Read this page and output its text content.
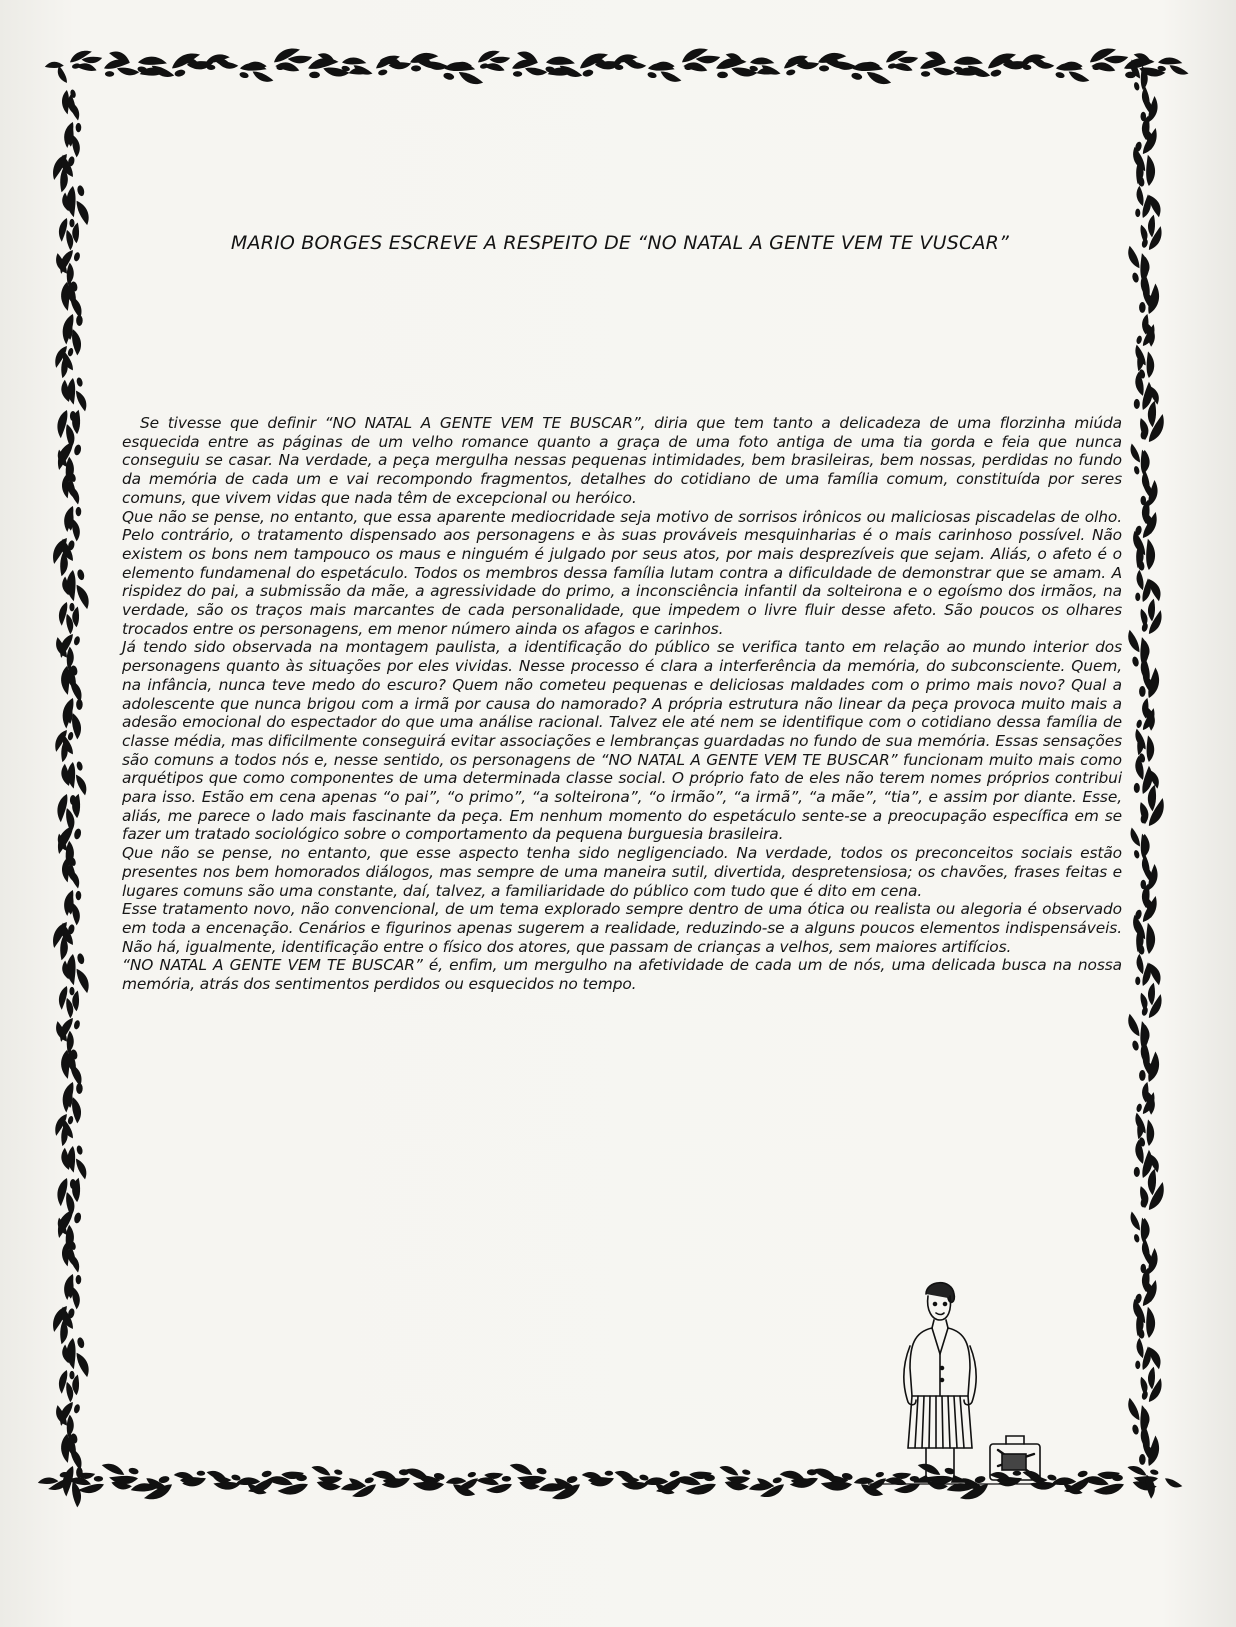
MARIO BORGES ESCREVE A RESPEITO DE “NO NATAL A GENTE VEM TE VUSCAR”

Se tivesse que definir “NO NATAL A GENTE VEM TE BUSCAR”, diria que tem tanto a delicadeza de uma florzinha miúda esquecida entre as páginas de um velho romance quanto a graça de uma foto antiga de uma tia gorda e feia que nunca conseguiu se casar. Na verdade, a peça mergulha nessas pequenas intimidades, bem brasileiras, bem nossas, perdidas no fundo da memória de cada um e vai recompondo fragmentos, detalhes do cotidiano de uma família comum, constituída por seres comuns, que vivem vidas que nada têm de excepcional ou heróico.

Que não se pense, no entanto, que essa aparente mediocridade seja motivo de sorrisos irônicos ou maliciosas piscadelas de olho. Pelo contrário, o tratamento dispensado aos personagens e às suas prováveis mesquinharias é o mais carinhoso possível. Não existem os bons nem tampouco os maus e ninguém é julgado por seus atos, por mais desprezíveis que sejam. Aliás, o afeto é o elemento fundamenal do espetáculo. Todos os membros dessa família lutam contra a dificuldade de demonstrar que se amam. A rispidez do pai, a submissão da mãe, a agressividade do primo, a inconsciência infantil da solteirona e o egoísmo dos irmãos, na verdade, são os traços mais marcantes de cada personalidade, que impedem o livre fluir desse afeto. São poucos os olhares trocados entre os personagens, em menor número ainda os afagos e carinhos.

Já tendo sido observada na montagem paulista, a identificação do público se verifica tanto em relação ao mundo interior dos personagens quanto às situações por eles vividas. Nesse processo é clara a interferência da memória, do subconsciente. Quem, na infância, nunca teve medo do escuro? Quem não cometeu pequenas e deliciosas maldades com o primo mais novo? Qual a adolescente que nunca brigou com a irmã por causa do namorado? A própria estrutura não linear da peça provoca muito mais a adesão emocional do espectador do que uma análise racional. Talvez ele até nem se identifique com o cotidiano dessa família de classe média, mas dificilmente conseguirá evitar associações e lembranças guardadas no fundo de sua memória. Essas sensações são comuns a todos nós e, nesse sentido, os personagens de “NO NATAL A GENTE VEM TE BUSCAR” funcionam muito mais como arquétipos que como componentes de uma determinada classe social. O próprio fato de eles não terem nomes próprios contribui para isso. Estão em cena apenas “o pai”, “o primo”, “a solteirona”, “o irmão”, “a irmã”, “a mãe”, “tia”, e assim por diante. Esse, aliás, me parece o lado mais fascinante da peça. Em nenhum momento do espetáculo sente-se a preocupação específica em se fazer um tratado sociológico sobre o comportamento da pequena burguesia brasileira.

Que não se pense, no entanto, que esse aspecto tenha sido negligenciado. Na verdade, todos os preconceitos sociais estão presentes nos bem homorados diálogos, mas sempre de uma maneira sutil, divertida, despretensiosa; os chavões, frases feitas e lugares comuns são uma constante, daí, talvez, a familiaridade do público com tudo que é dito em cena.

Esse tratamento novo, não convencional, de um tema explorado sempre dentro de uma ótica ou realista ou alegoria é observado em toda a encenação. Cenários e figurinos apenas sugerem a realidade, reduzindo-se a alguns poucos elementos indispensáveis. Não há, igualmente, identificação entre o físico dos atores, que passam de crianças a velhos, sem maiores artifícios.

“NO NATAL A GENTE VEM TE BUSCAR” é, enfim, um mergulho na afetividade de cada um de nós, uma delicada busca na nossa memória, atrás dos sentimentos perdidos ou esquecidos no tempo.
